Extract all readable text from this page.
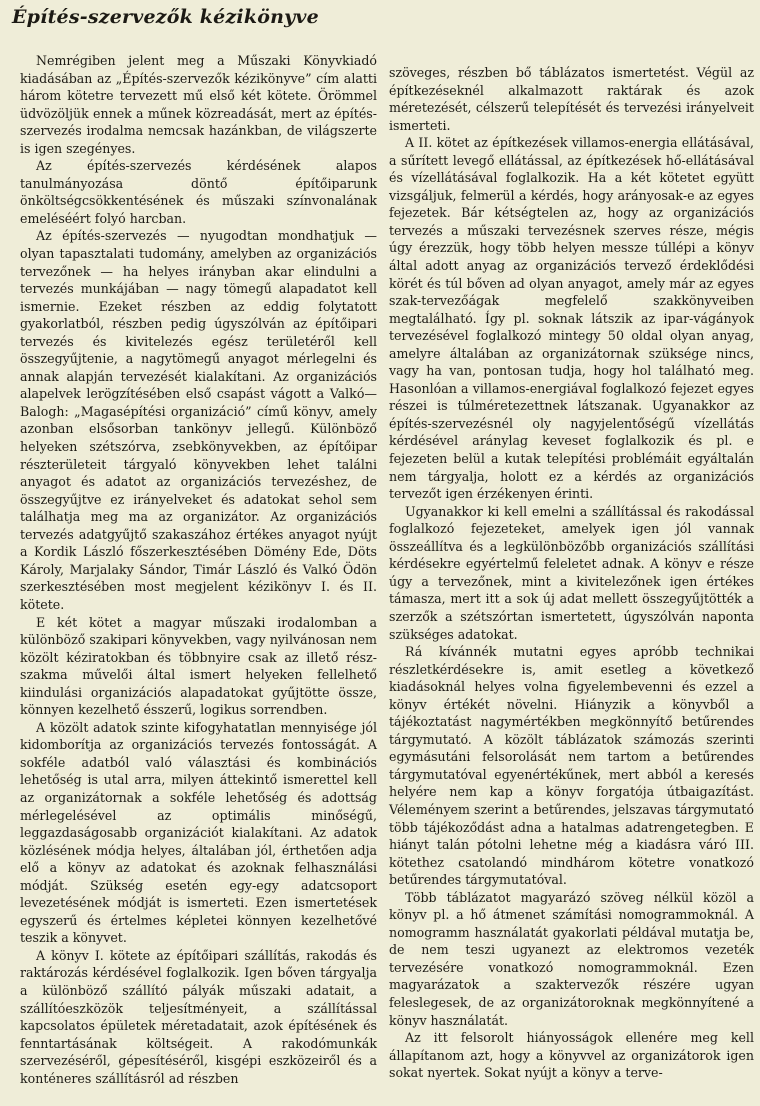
Építés-szervezők kézikönyve

Nemrégiben jelent meg a Műszaki Könyvkiadó kiadásában az „Építés-szervezők kézikönyve” cím alatti három kötetre tervezett mű első két kötete. Örömmel üdvözöljük ennek a műnek közreadását, mert az építés-szervezés irodalma nemcsak hazánkban, de világszerte is igen szegényes.

Az építés-szervezés kérdésének alapos tanulmányozása döntő építőiparunk önköltségcsökkentésének és műszaki színvonalának emeléséért folyó harcban.

Az építés-szervezés — nyugodtan mondhatjuk — olyan tapasztalati tudomány, amelyben az organizációs tervezőnek — ha helyes irányban akar elindulni a tervezés munkájában — nagy tömegű alapadatot kell ismernie. Ezeket részben az eddig folytatott gyakorlatból, részben pedig úgyszólván az építőipari tervezés és kivitelezés egész területéről kell összegyűjtenie, a nagytömegű anyagot mérlegelni és annak alapján tervezését kialakítani. Az organizációs alapelvek lerögzítésében első csapást vágott a Valkó—Balogh: „Magasépítési organizáció” című könyv, amely azonban elsősorban tankönyv jellegű. Különböző helyeken szétszórva, zsebkönyvekben, az építőipar részterületeit tárgyaló könyvekben lehet találni anyagot és adatot az organizációs tervezéshez, de összegyűjtve ez irányelveket és adatokat sehol sem találhatja meg ma az organizátor. Az organizációs tervezés adatgyűjtő szakaszához értékes anyagot nyújt a Kordik László főszerkesztésében Dömény Ede, Döts Károly, Marjalaky Sándor, Timár László és Valkó Ödön szerkesztésében most megjelent kézikönyv I. és II. kötete.

E két kötet a magyar műszaki irodalomban a különböző szakipari könyvekben, vagy nyilvánosan nem közölt kéziratokban és többnyire csak az illető rész-szakma művelői által ismert helyeken fellelhető kiindulási organizációs alapadatokat gyűjtötte össze, könnyen kezelhető ésszerű, logikus sorrendben.

A közölt adatok szinte kifogyhatatlan mennyisége jól kidomborítja az organizációs tervezés fontosságát. A sokféle adatból való választási és kombinációs lehetőség is utal arra, milyen áttekintő ismerettel kell az organizátornak a sokféle lehetőség és adottság mérlegelésével az optimális minőségű, leggazdaságosabb organizációt kialakítani. Az adatok közlésének módja helyes, általában jól, érthetően adja elő a könyv az adatokat és azoknak felhasználási módját. Szükség esetén egy-egy adatcsoport levezetésének módját is ismerteti. Ezen ismertetések egyszerű és értelmes képletei könnyen kezelhetővé teszik a könyvet.

A könyv I. kötete az építőipari szállítás, rakodás és raktározás kérdésével foglalkozik. Igen bőven tárgyalja a különböző szállító pályák műszaki adatait, a szállítóeszközök teljesítményeit, a szállítással kapcsolatos épületek méretadatait, azok építésének és fenntartásának költségeit. A rakodómunkák szervezéséről, gépesítéséről, kisgépi eszközeiről és a konténeres szállításról ad részben

szöveges, részben bő táblázatos ismertetést. Végül az építkezéseknél alkalmazott raktárak és azok méretezését, célszerű telepítését és tervezési irányelveit ismerteti.

A II. kötet az építkezések villamos-energia ellátásával, a sűrített levegő ellátással, az építkezések hő-ellátásával és vízellátásával foglalkozik. Ha a két kötetet együtt vizsgáljuk, felmerül a kérdés, hogy arányosak-e az egyes fejezetek. Bár kétségtelen az, hogy az organizációs tervezés a műszaki tervezésnek szerves része, mégis úgy érezzük, hogy több helyen messze túllépi a könyv által adott anyag az organizációs tervező érdeklődési körét és túl bőven ad olyan anyagot, amely már az egyes szak-tervezőágak megfelelő szakkönyveiben megtalálható. Így pl. soknak látszik az ipar-vágányok tervezésével foglalkozó mintegy 50 oldal olyan anyag, amelyre általában az organizátornak szüksége nincs, vagy ha van, pontosan tudja, hogy hol található meg. Hasonlóan a villamos-energiával foglalkozó fejezet egyes részei is túlméretezettnek látszanak. Ugyanakkor az építés-szervezésnél oly nagyjelentőségű vízellátás kérdésével aránylag keveset foglalkozik és pl. e fejezeten belül a kutak telepítési problémáit egyáltalán nem tárgyalja, holott ez a kérdés az organizációs tervezőt igen érzékenyen érinti.

Ugyanakkor ki kell emelni a szállítással és rakodással foglalkozó fejezeteket, amelyek igen jól vannak összeállítva és a legkülönbözőbb organizációs szállítási kérdésekre egyértelmű feleletet adnak. A könyv e része úgy a tervezőnek, mint a kivitelezőnek igen értékes támasza, mert itt a sok új adat mellett összegyűjtötték a szerzők a szétszórtan ismertetett, úgyszólván naponta szükséges adatokat.

Rá kívánnék mutatni egyes apróbb technikai részletkérdésekre is, amit esetleg a következő kiadásoknál helyes volna figyelembevenni és ezzel a könyv értékét növelni. Hiányzik a könyvből a tájékoztatást nagymértékben megkönnyítő betűrendes tárgymutató. A közölt táblázatok számozás szerinti egymásutáni felsorolását nem tartom a betűrendes tárgymutatóval egyenértékűnek, mert abból a keresés helyére nem kap a könyv forgatója útbaigazítást. Véleményem szerint a betűrendes, jelszavas tárgymutató több tájékoződást adna a hatalmas adatrengetegben. E hiányt talán pótolni lehetne még a kiadásra váró III. kötethez csatolandó mindhárom kötetre vonatkozó betűrendes tárgymutatóval.

Több táblázatot magyarázó szöveg nélkül közöl a könyv pl. a hő átmenet számítási nomogrammoknál. A nomogramm használatát gyakorlati példával mutatja be, de nem teszi ugyanezt az elektromos vezeték tervezésére vonatkozó nomogrammoknál. Ezen magyarázatok a szaktervezők részére ugyan feleslegesek, de az organizátoroknak megkönnyítené a könyv használatát.

Az itt felsorolt hiányosságok ellenére meg kell állapítanom azt, hogy a könyvvel az organizátorok igen sokat nyertek. Sokat nyújt a könyv a terve-
